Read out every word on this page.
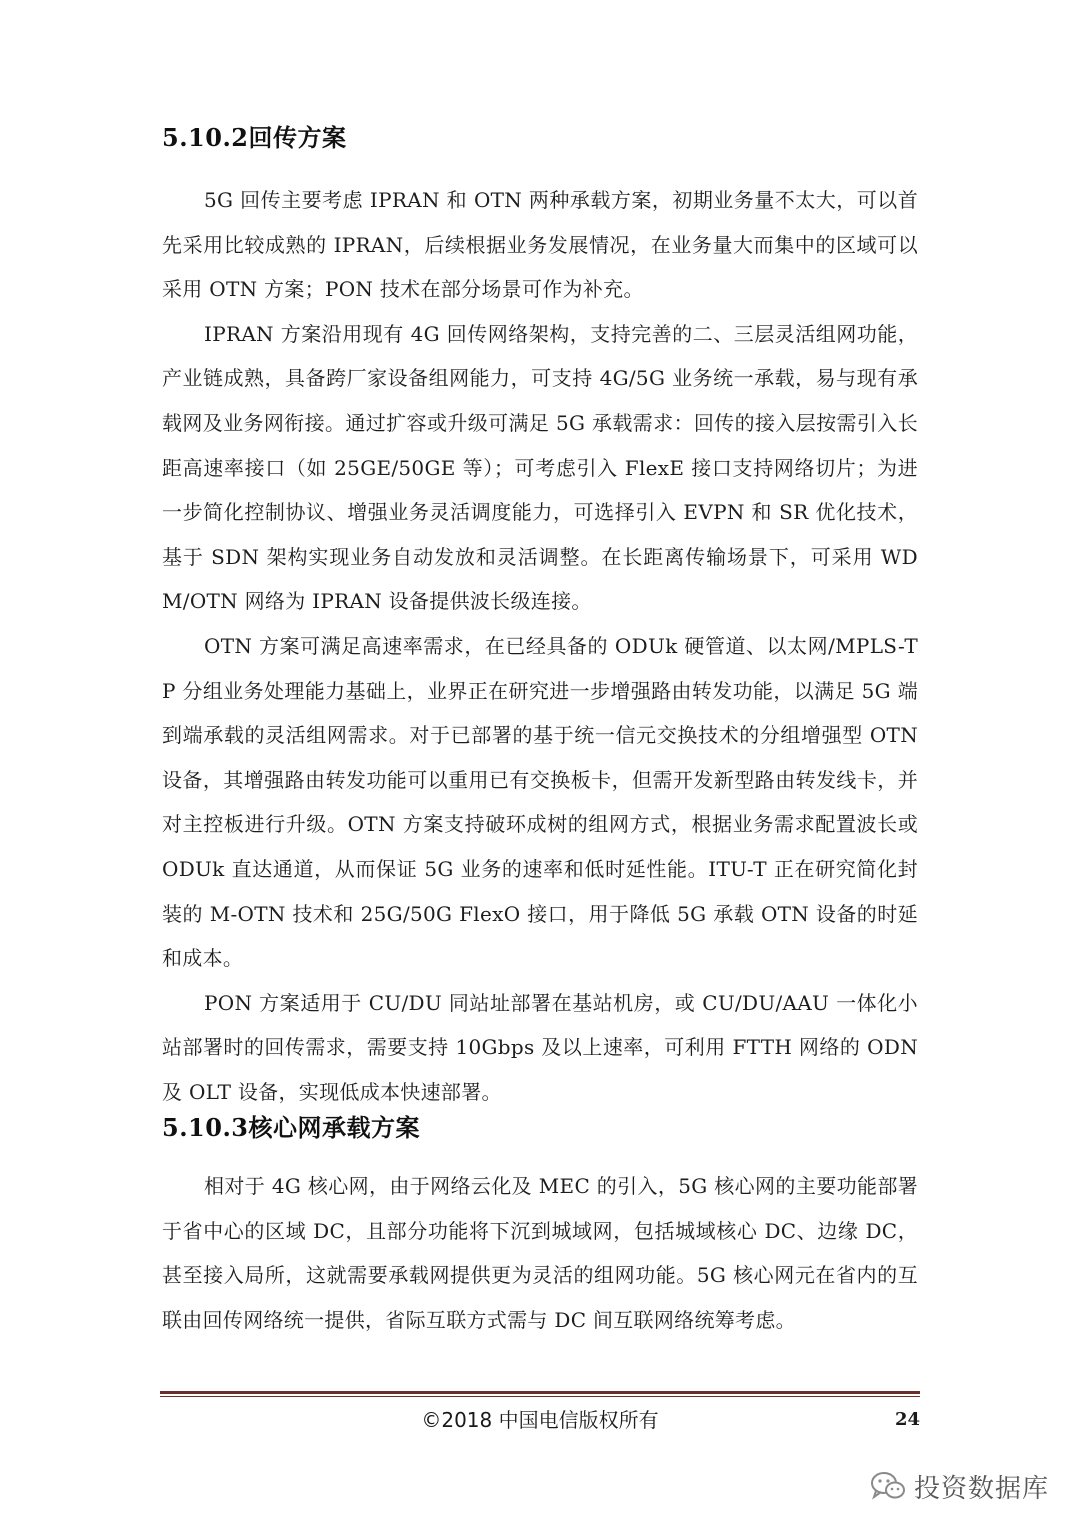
5.10.2回传方案

5G 回传主要考虑 IPRAN 和 OTN 两种承载方案，初期业务量不太大，可以首先采用比较成熟的 IPRAN，后续根据业务发展情况，在业务量大而集中的区域可以采用 OTN 方案；PON 技术在部分场景可作为补充。

IPRAN 方案沿用现有 4G 回传网络架构，支持完善的二、三层灵活组网功能，产业链成熟，具备跨厂家设备组网能力，可支持 4G/5G 业务统一承载，易与现有承载网及业务网衔接。通过扩容或升级可满足 5G 承载需求：回传的接入层按需引入长距高速率接口（如 25GE/50GE 等）；可考虑引入 FlexE 接口支持网络切片；为进一步简化控制协议、增强业务灵活调度能力，可选择引入 EVPN 和 SR 优化技术，基于 SDN 架构实现业务自动发放和灵活调整。在长距离传输场景下，可采用 WDM/OTN 网络为 IPRAN 设备提供波长级连接。

OTN 方案可满足高速率需求，在已经具备的 ODUk 硬管道、以太网/MPLS-TP 分组业务处理能力基础上，业界正在研究进一步增强路由转发功能，以满足 5G 端到端承载的灵活组网需求。对于已部署的基于统一信元交换技术的分组增强型 OTN 设备，其增强路由转发功能可以重用已有交换板卡，但需开发新型路由转发线卡，并对主控板进行升级。OTN 方案支持破环成树的组网方式，根据业务需求配置波长或 ODUk 直达通道，从而保证 5G 业务的速率和低时延性能。ITU-T 正在研究简化封装的 M-OTN 技术和 25G/50G FlexO 接口，用于降低 5G 承载 OTN 设备的时延和成本。

PON 方案适用于 CU/DU 同站址部署在基站机房，或 CU/DU/AAU 一体化小站部署时的回传需求，需要支持 10Gbps 及以上速率，可利用 FTTH 网络的 ODN 及 OLT 设备，实现低成本快速部署。

5.10.3核心网承载方案

相对于 4G 核心网，由于网络云化及 MEC 的引入，5G 核心网的主要功能部署于省中心的区域 DC，且部分功能将下沉到城域网，包括城域核心 DC、边缘 DC，甚至接入局所，这就需要承载网提供更为灵活的组网功能。5G 核心网元在省内的互联由回传网络统一提供，省际互联方式需与 DC 间互联网络统筹考虑。

©2018 中国电信版权所有	24
投资数据库
